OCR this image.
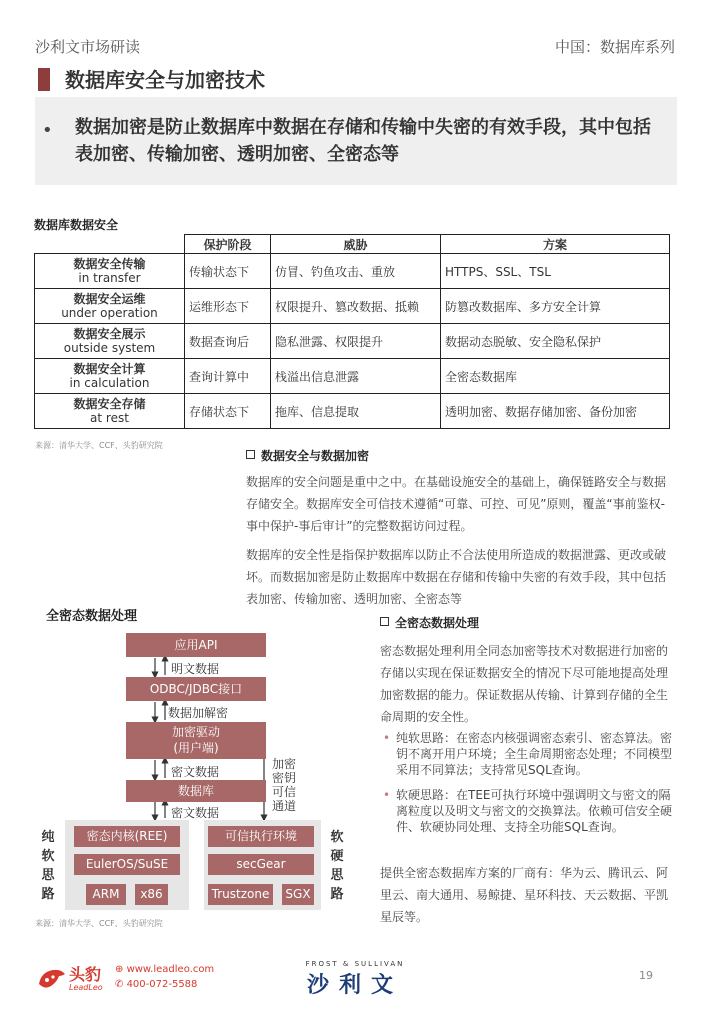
沙利文市场研读	中国：数据库系列
数据库安全与加密技术
• 数据加密是防止数据库中数据在存储和传输中失密的有效手段，其中包括表加密、传输加密、透明加密、全密态等
数据库数据安全
	保护阶段	威胁	方案

数据安全传输
in transfer	传输状态下	仿冒、钓鱼攻击、重放	HTTPS、SSL、TSL

数据安全运维
under operation	运维形态下	权限提升、篡改数据、抵赖	防篡改数据库、多方安全计算

数据安全展示
outside system	数据查询后	隐私泄露、权限提升	数据动态脱敏、安全隐私保护

数据安全计算
in calculation	查询计算中	栈溢出信息泄露	全密态数据库

数据安全存储
at rest	存储状态下	拖库、信息提取	透明加密、数据存储加密、备份加密
来源：清华大学、CCF、头豹研究院
数据安全与数据加密
数据库的安全问题是重中之中。在基础设施安全的基础上，确保链路安全与数据存储安全。数据库安全可信技术遵循“可靠、可控、可见”原则，覆盖“事前鉴权-事中保护-事后审计”的完整数据访问过程。
数据库的安全性是指保护数据库以防止不合法使用所造成的数据泄露、更改或破坏。而数据加密是防止数据库中数据在存储和传输中失密的有效手段，其中包括表加密、传输加密、透明加密、全密态等
全密态数据处理
应用API
明文数据
ODBC/JDBC接口
数据加解密
加密驱动
(用户端)
密文数据
加密密钥可信通道
数据库
密文数据
纯软思路
密态内核(REE)
EulerOS/SuSE
ARM	x86
可信执行环境
secGear
Trustzone	SGX
软硬思路
来源：清华大学、CCF、头豹研究院
全密态数据处理
密态数据处理利用全同态加密等技术对数据进行加密的存储以实现在保证数据安全的情况下尽可能地提高处理加密数据的能力。保证数据从传输、计算到存储的全生命周期的安全性。
• 纯软思路：在密态内核强调密态索引、密态算法。密钥不离开用户环境；全生命周期密态处理；不同模型采用不同算法；支持常见SQL查询。
• 软硬思路：在TEE可执行环境中强调明文与密文的隔离粒度以及明文与密文的交换算法。依赖可信安全硬件、软硬协同处理、支持全功能SQL查询。
提供全密态数据库方案的厂商有：华为云、腾讯云、阿里云、南大通用、易鲸捷、星环科技、天云数据、平凯星辰等。
头豹
LeadLeo
⊕ www.leadleo.com
✆ 400-072-5588
FROST & SULLIVAN
沙利文	19
